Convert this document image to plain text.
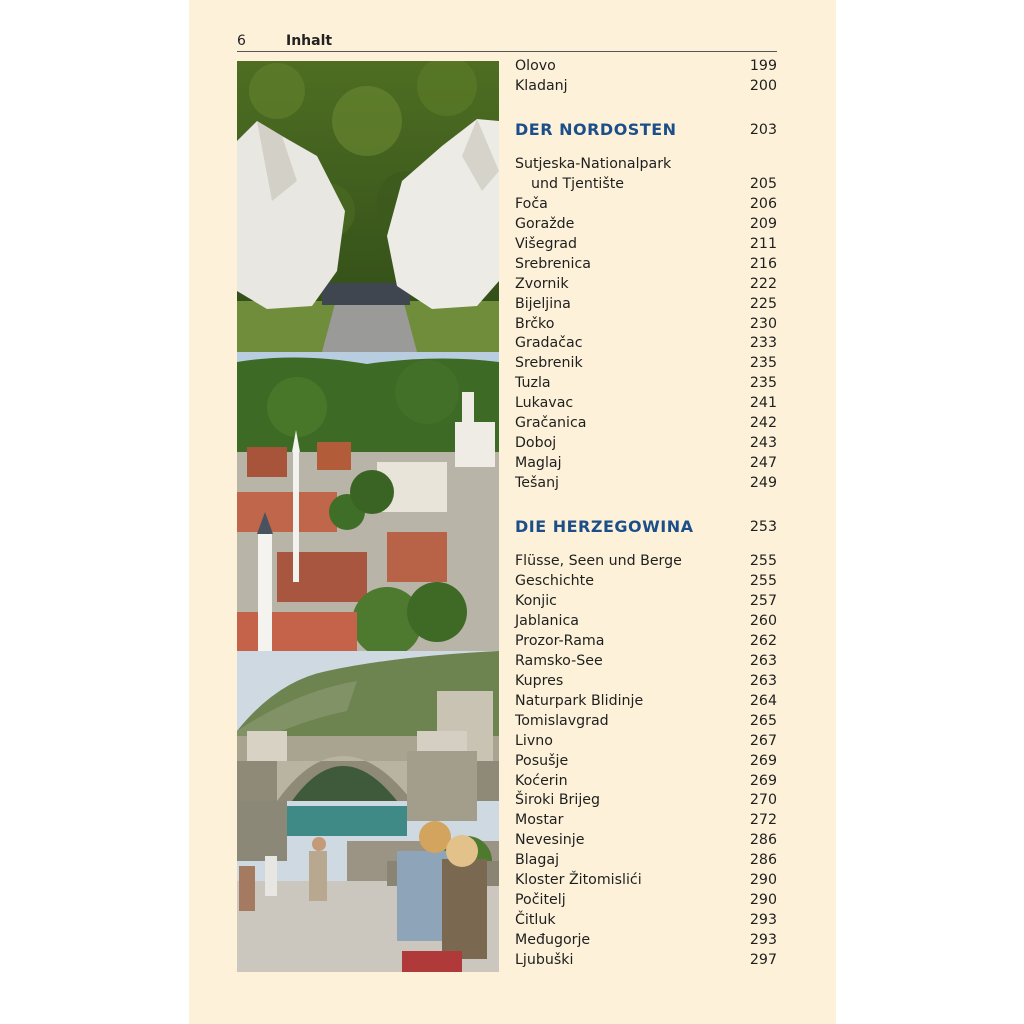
6	Inhalt
Olovo	199
Kladanj	200
DER NORDOSTEN	203
Sutjeska-Nationalpark
und Tjentište	205
Foča	206
Goražde	209
Višegrad	211
Srebrenica	216
Zvornik	222
Bijeljina	225
Brčko	230
Gradačac	233
Srebrenik	235
Tuzla	235
Lukavac	241
Gračanica	242
Doboj	243
Maglaj	247
Tešanj	249
DIE HERZEGOWINA	253
Flüsse, Seen und Berge	255
Geschichte	255
Konjic	257
Jablanica	260
Prozor-Rama	262
Ramsko-See	263
Kupres	263
Naturpark Blidinje	264
Tomislavgrad	265
Livno	267
Posušje	269
Koćerin	269
Široki Brijeg	270
Mostar	272
Nevesinje	286
Blagaj	286
Kloster Žitomislići	290
Počitelj	290
Čitluk	293
Međugorje	293
Ljubuški	297
